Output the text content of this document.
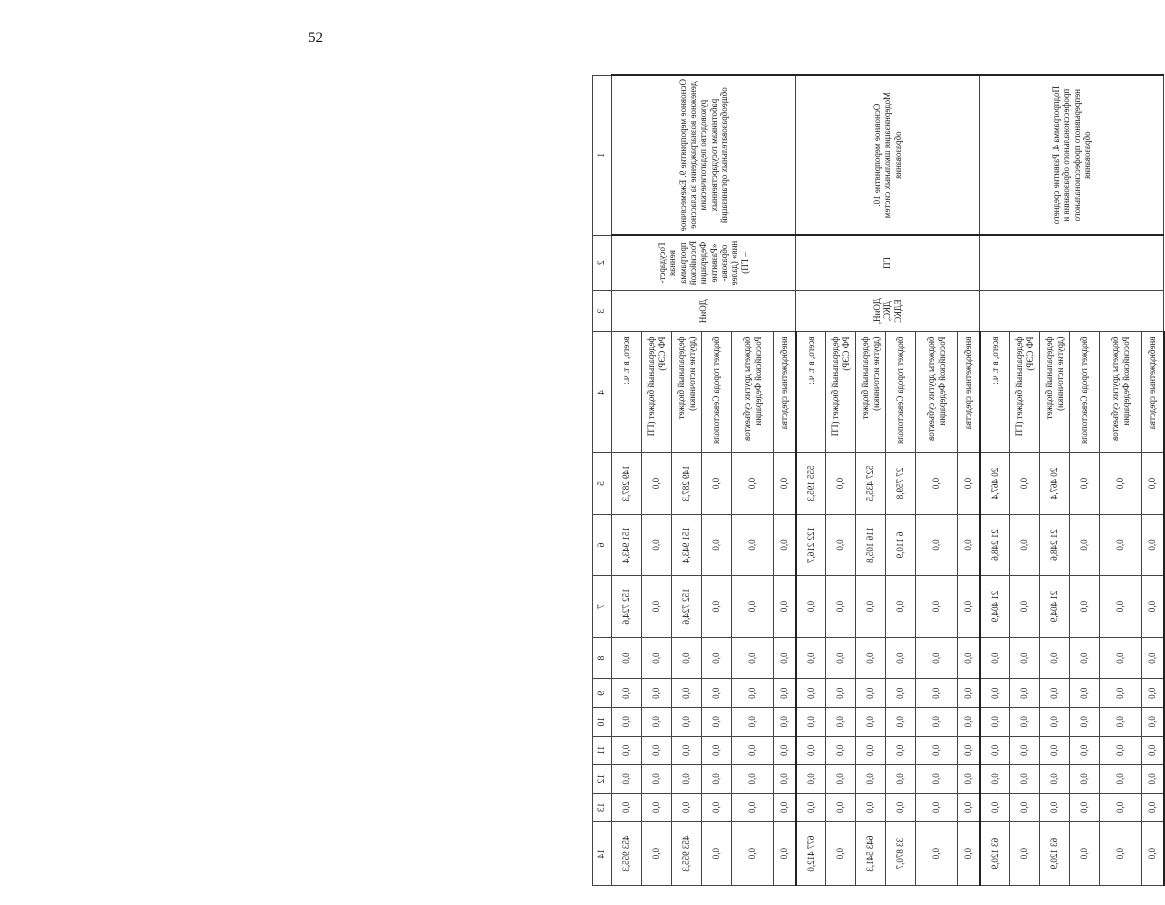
52
1	2	3	4	5	6	7	8	9	10	11	12	13	14
Основное мероприятие 9. Ежемесячное денежное вознаграждение за классное руководство педагогическим работникам государственных общеобразовательных организаций	Государственная программа Российской Федерации «Развитие образования» (далее – ГП)	ДОиН	всего, в т. ч.:	149 287,3	151 943,4	152 724,6	0,0	0,0	0,0	0,0	0,0	0,0	453 955,3
			федеральный бюджет (ГП РФ СЭР)	0,0	0,0	0,0	0,0	0,0	0,0	0,0	0,0	0,0	0,0
			федеральный бюджет (другие источники)	149 287,3	151 943,4	152 724,6	0,0	0,0	0,0	0,0	0,0	0,0	453 955,3
			бюджет города Севастополя	0,0	0,0	0,0	0,0	0,0	0,0	0,0	0,0	0,0	0,0
			бюджеты других субъектов Российской Федерации	0,0	0,0	0,0	0,0	0,0	0,0	0,0	0,0	0,0	0,0
			внебюджетные средства	0,0	0,0	0,0	0,0	0,0	0,0	0,0	0,0	0,0	0,0
Основное мероприятие 10. Модернизация школьных систем образования	ГП	ДОиН, ДКС, ЕДКС	всего, в т. ч.:	555 195,3	122 216,7	0,0	0,0	0,0	0,0	0,0	0,0	0,0	677 412,0
			федеральный бюджет (ГП РФ СЭР)	0,0	0,0	0,0	0,0	0,0	0,0	0,0	0,0	0,0	0,0
			федеральный бюджет (другие источники)	527 435,5	116 105,8	0,0	0,0	0,0	0,0	0,0	0,0	0,0	643 541,3
			бюджет города Севастополя	27 759,8	6 110,9	0,0	0,0	0,0	0,0	0,0	0,0	0,0	33 870,7
			бюджеты других субъектов Российской Федерации	0,0	0,0	0,0	0,0	0,0	0,0	0,0	0,0	0,0	0,0
			внебюджетные средства	0,0	0,0	0,0	0,0	0,0	0,0	0,0	0,0	0,0	0,0
Подпрограмма 4. Развитие среднего профессионального образования и непрерывного профессионального образования			всего, в т. ч.:	20 467,4	21 248,6	21 404,9	0,0	0,0	0,0	0,0	0,0	0,0	63 120,9
			федеральный бюджет (ГП РФ СЭР)	0,0	0,0	0,0	0,0	0,0	0,0	0,0	0,0	0,0	0,0
			федеральный бюджет (другие источники)	20 467,4	21 248,6	21 404,9	0,0	0,0	0,0	0,0	0,0	0,0	63 120,9
			бюджет города Севастополя	0,0	0,0	0,0	0,0	0,0	0,0	0,0	0,0	0,0	0,0
			бюджеты других субъектов Российской Федерации	0,0	0,0	0,0	0,0	0,0	0,0	0,0	0,0	0,0	0,0
			внебюджетные средства	0,0	0,0	0,0	0,0	0,0	0,0	0,0	0,0	0,0	0,0
